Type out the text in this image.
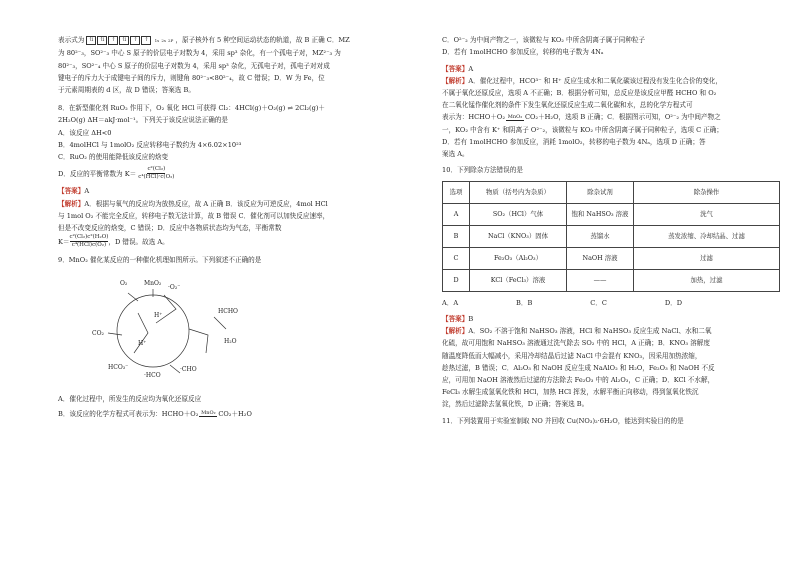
表示式为 ⇅ ⇅ ↑ ⇅ ↑ ↑ 1s 2s 2P ，原子核外有 5 种空间运动状态的轨道，故 B 正确 C．MZ
为 80²⁻₃，SO²⁻₃ 中心 S 原子的价层电子对数为 4，采用 sp³ 杂化，有一个孤电子对，MZ²⁻₃ 为
80²⁻₃，SO²⁻₄ 中心 S 原子的价层电子对数为 4，采用 sp³ 杂化，无孤电子对，孤电子对对成
键电子的斥力大于成键电子间的斥力，则键角 80²⁻₃<80²⁻₄，故 C 错误；D．W 为 Fe，位
于元素周期表的 d 区，故 D 错误；答案选 B。
8．在新型催化剂 RuO₂ 作用下，O₂ 氧化 HCl 可获得 Cl₂：4HCl(g)＋O₂(g) ⇌ 2Cl₂(g)＋
2H₂O(g) ΔH＝akJ·mol⁻¹。下列关于该反应说法正确的是
A．该反应 ΔH<0
B．4molHCl 与 1molO₂ 反应转移电子数约为 4×6.02×10²³
C．RuO₂ 的使用能降低该反应的焓变

D．反应的平衡常数为 K＝
c²(Cl₂)
c⁴(HCl)·c(O₂)
【答案】A
【解析】A．根据与氧气的反应均为放热反应，故 A 正确 B．该反应为可逆反应，4mol HCl
与 1mol O₂ 不能完全反应，转移电子数无法计算，故 B 错误 C．催化剂可以加快反应速率，
但是不改变反应的焓变，C 错误；D．反应中各物质状态均为气态，平衡常数

K＝
c²(Cl₂)c²(H₂O)
c⁴(HCl)c(O₂) ，D 错误。故选 A。
9．MnO₂ 催化某反应的一种催化机理如图所示。下列叙述不正确的是
O₂	MnO₂
·O₂⁻
H⁺
CO₂
HCO₃⁻
HCHO
H₂O
·CHO
H⁺
·HCO
A．催化过程中，所发生的反应均为氧化还原反应

B．该反应的化学方程式可表示为：HCHO＋O₂ MnO₂ CO₂＋H₂O
C．O²⁻₂ 为中间产物之一，该微粒与 KO₂ 中所含阴离子属于同种粒子
D．若有 1molHCHO 参加反应，转移的电子数为 4Nₐ
【答案】A
【解析】A．催化过程中，HCO³⁻ 和 H⁺ 反应生成水和二氧化碳该过程没有发生化合价的变化，
不属于氧化还原反应，选项 A 不正确；B．根据分析可知，总反应是该反应甲醛 HCHO 和 O₂
在二氧化锰作催化剂的条件下发生氧化还原反应生成二氧化碳和水，总的化学方程式可

表示为：HCHO＋O₂ MnO₂ CO₂＋H₂O，选项 B 正确；C．根据图示可知，O²⁻₂ 为中间产物之

一，KO₂ 中含有 K⁺ 和阴离子 O²⁻₂，该微粒与 KO₂ 中所含阴离子属于同种粒子，选项 C 正确；
D．若有 1molHCHO 参加反应，消耗 1molO₂，转移的电子数为 4Nₐ，选项 D 正确；答
案选 A。
10．下列除杂方法错误的是
选项	物质（括号内为杂质）	除杂试剂	除杂操作
A	SO₂（HCl）气体	饱和 NaHSO₃ 溶液	洗气
B	NaCl（KNO₃）固体	蒸馏水	蒸发浓缩、冷却结晶、过滤
C	Fe₂O₃（Al₂O₃）	NaOH 溶液	过滤
D	KCl（FeCl₃）溶液	——	加热，过滤
A．A	B．B	C．C	D．D
【答案】B
【解析】A．SO₂ 不溶于饱和 NaHSO₃ 溶液，HCl 和 NaHSO₃ 反应生成 NaCl、水和二氧
化硫，故可用饱和 NaHSO₃ 溶液通过洗气除去 SO₂ 中的 HCl，A 正确；B．KNO₃ 溶解度
随温度降低而大幅减小，采用冷却结晶后过滤 NaCl 中会混有 KNO₃，因采用加热浓缩，
趁热过滤，B 错误；C．Al₂O₃ 和 NaOH 反应生成 NaAlO₂ 和 H₂O，Fe₂O₃ 和 NaOH 不反
应，可用加 NaOH 溶液然后过滤的方法除去 Fe₂O₃ 中的 Al₂O₃，C 正确；D．KCl 不水解，
FeCl₃ 水解生成氢氧化铁和 HCl，加热 HCl 挥发，水解平衡正向移动，得到氢氧化铁沉
淀，然后过滤除去氢氧化铁，D 正确；答案选 B。
11．下列装置用于实验室制取 NO 并回收 Cu(NO₃)₂·6H₂O，能达到实验目的的是
